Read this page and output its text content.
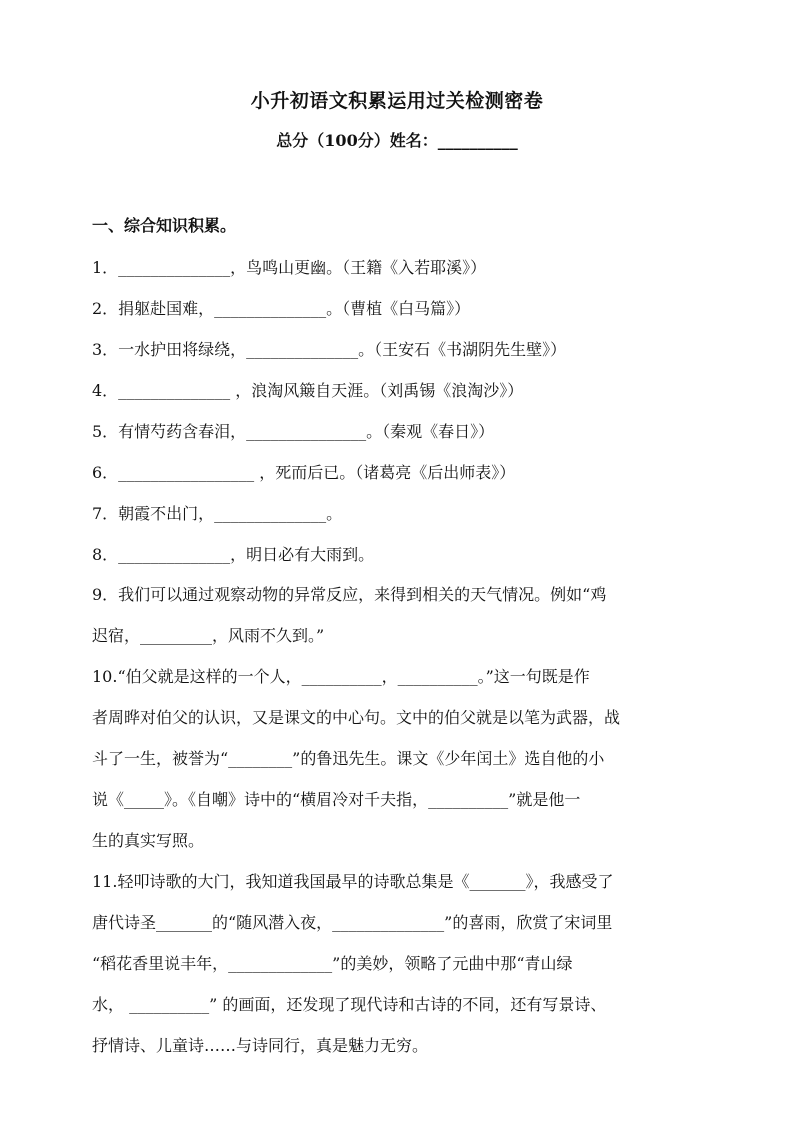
小升初语文积累运用过关检测密卷
总分（100分）姓名：__________
一、综合知识积累。
1．______________，鸟鸣山更幽。（王籍《入若耶溪》）
2．捐躯赴国难，______________。（曹植《白马篇》）
3．一水护田将绿绕，______________。（王安石《书湖阴先生壁》）
4．______________ ，浪淘风簸自天涯。（刘禹锡《浪淘沙》）
5．有情芍药含春泪，_______________。（秦观《春日》）
6．_________________ ，死而后已。（诸葛亮《后出师表》）
7．朝霞不出门，______________。
8．______________，明日必有大雨到。
9．我们可以通过观察动物的异常反应，来得到相关的天气情况。例如“鸡
迟宿，_________，风雨不久到。”
10.“伯父就是这样的一个人，__________，__________。”这一句既是作
者周晔对伯父的认识，又是课文的中心句。文中的伯父就是以笔为武器，战
斗了一生，被誉为“________”的鲁迅先生。课文《少年闰土》选自他的小
说《_____》。《自嘲》诗中的“横眉冷对千夫指，__________”就是他一
生的真实写照。
11.轻叩诗歌的大门，我知道我国最早的诗歌总集是《_______》，我感受了
唐代诗圣_______的“随风潜入夜，______________”的喜雨，欣赏了宋词里
“稻花香里说丰年，_____________”的美妙，领略了元曲中那“青山绿
水， __________” 的画面，还发现了现代诗和古诗的不同，还有写景诗、
抒情诗、儿童诗……与诗同行，真是魅力无穷。
